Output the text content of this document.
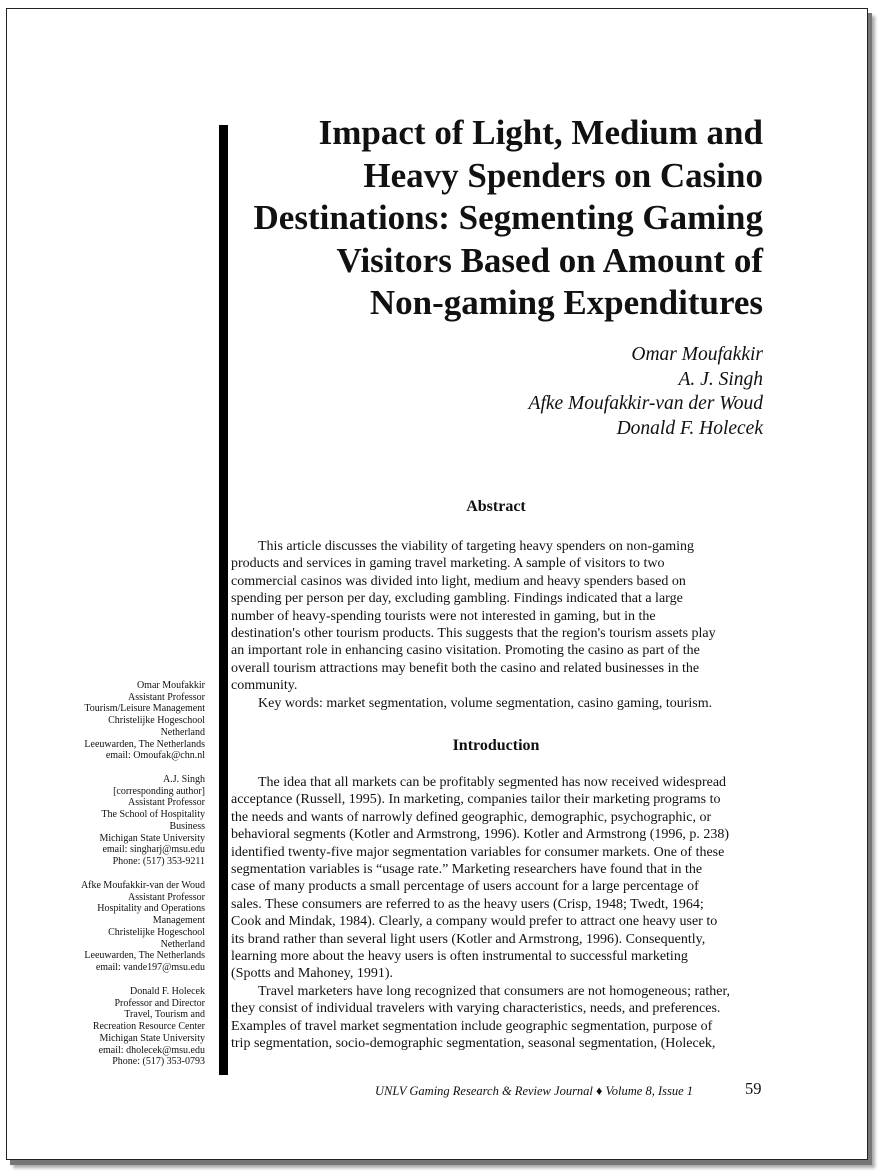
Impact of Light, Medium and
Heavy Spenders on Casino
Destinations: Segmenting Gaming
Visitors Based on Amount of
Non-gaming Expenditures
Omar Moufakkir
A. J. Singh
Afke Moufakkir-van der Woud
Donald F. Holecek
Abstract

This article discusses the viability of targeting heavy spenders on non-gaming
products and services in gaming travel marketing. A sample of visitors to two
commercial casinos was divided into light, medium and heavy spenders based on
spending per person per day, excluding gambling. Findings indicated that a large
number of heavy-spending tourists were not interested in gaming, but in the
destination's other tourism products. This suggests that the region's tourism assets play
an important role in enhancing casino visitation. Promoting the casino as part of the
overall tourism attractions may benefit both the casino and related businesses in the
community.

Key words: market segmentation, volume segmentation, casino gaming, tourism.

Introduction

The idea that all markets can be profitably segmented has now received widespread
acceptance (Russell, 1995). In marketing, companies tailor their marketing programs to
the needs and wants of narrowly defined geographic, demographic, psychographic, or
behavioral segments (Kotler and Armstrong, 1996). Kotler and Armstrong (1996, p. 238)
identified twenty-five major segmentation variables for consumer markets. One of these
segmentation variables is “usage rate.” Marketing researchers have found that in the
case of many products a small percentage of users account for a large percentage of
sales. These consumers are referred to as the heavy users (Crisp, 1948; Twedt, 1964;
Cook and Mindak, 1984). Clearly, a company would prefer to attract one heavy user to
its brand rather than several light users (Kotler and Armstrong, 1996). Consequently,
learning more about the heavy users is often instrumental to successful marketing
(Spotts and Mahoney, 1991).

Travel marketers have long recognized that consumers are not homogeneous; rather,
they consist of individual travelers with varying characteristics, needs, and preferences.
Examples of travel market segmentation include geographic segmentation, purpose of
trip segmentation, socio-demographic segmentation, seasonal segmentation, (Holecek,

Omar Moufakkir
Assistant Professor
Tourism/Leisure Management
Christelijke Hogeschool
Netherland
Leeuwarden, The Netherlands
email: Omoufak@chn.nl
A.J. Singh
[corresponding author]
Assistant Professor
The School of Hospitality
Business
Michigan State University
email: singharj@msu.edu
Phone: (517) 353-9211
Afke Moufakkir-van der Woud
Assistant Professor
Hospitality and Operations
Management
Christelijke Hogeschool
Netherland
Leeuwarden, The Netherlands
email: vande197@msu.edu
Donald F. Holecek
Professor and Director
Travel, Tourism and
Recreation Resource Center
Michigan State University
email: dholecek@msu.edu
Phone: (517) 353-0793
UNLV Gaming Research & Review Journal ♦ Volume 8, Issue 1	59
